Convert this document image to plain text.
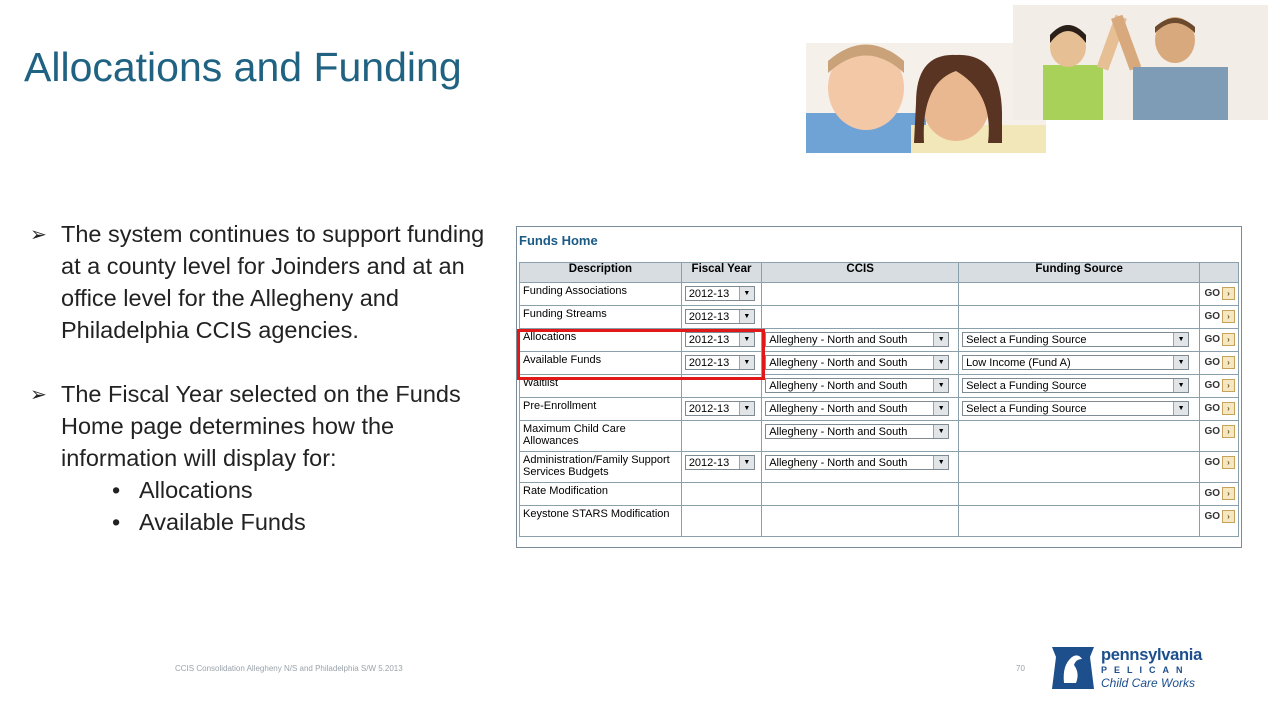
Allocations and Funding

➢ The system continues to support funding at a county level for Joinders and at an office level for the Allegheny and Philadelphia CCIS agencies.

➢ The Fiscal Year selected on the Funds Home page determines how the information will display for:

• Allocations
• Available Funds
Funds Home
Description	Fiscal Year	CCIS	Funding Source	
Funding Associations	2012-13 ▼			GO ›

Funding Streams	2012-13 ▼			GO ›

Allocations	2012-13 ▼	Allegheny - North and South ▼	Select a Funding Source ▼	GO ›

Available Funds	2012-13 ▼	Allegheny - North and South ▼	Low Income (Fund A) ▼	GO ›

Waitlist		Allegheny - North and South ▼	Select a Funding Source ▼	GO ›

Pre-Enrollment	2012-13 ▼	Allegheny - North and South ▼	Select a Funding Source ▼	GO ›

Maximum Child Care Allowances		Allegheny - North and South ▼		GO ›

Administration/Family Support Services Budgets	2012-13 ▼	Allegheny - North and South ▼		GO ›

Rate Modification				GO ›

Keystone STARS Modification				GO ›
CCIS Consolidation Allegheny N/S and Philadelphia S/W 5.2013	70
pennsylvania
PELICAN
Child Care Works
